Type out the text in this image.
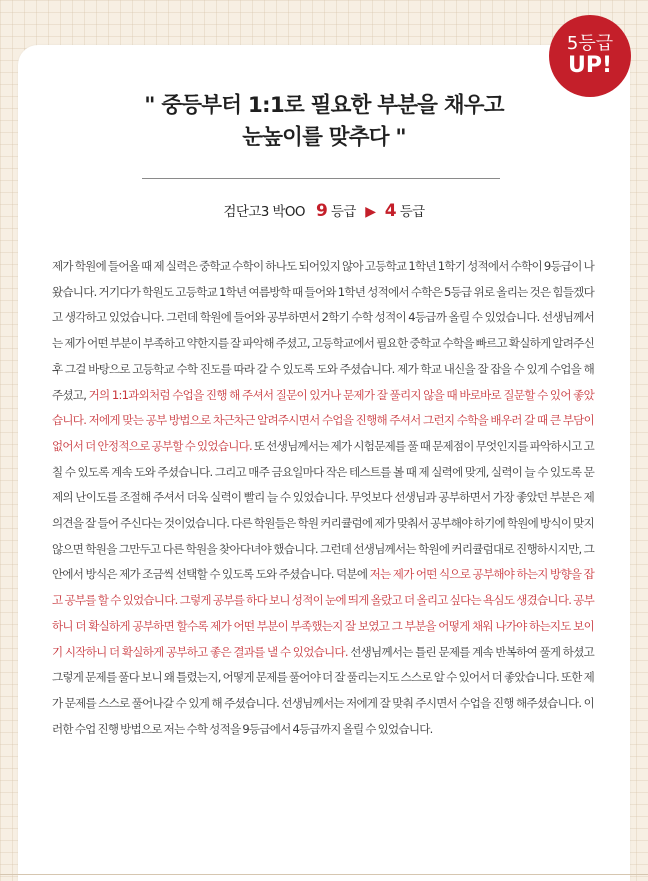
5등급
UP!
" 중등부터 1:1로 필요한 부분을 채우고
눈높이를 맞추다 "
검단고3 박OO 9 등급 ▶ 4 등급
제가 학원에 들어올 때 제 실력은 중학교 수학이 하나도 되어있지 않아 고등학교 1학년 1학기 성적에서 수학이 9등급이 나왔습니다. 거기다가 학원도 고등학교 1학년 여름방학 때 들어와 1학년 성적에서 수학은 5등급 위로 올리는 것은 힘들겠다고 생각하고 있었습니다. 그런데 학원에 들어와 공부하면서 2학기 수학 성적이 4등급까 올릴 수 있었습니다. 선생님께서는 제가 어떤 부분이 부족하고 약한지를 잘 파악해 주셨고, 고등학교에서 필요한 중학교 수학을 빠르고 확실하게 알려주신 후 그걸 바탕으로 고등학교 수학 진도를 따라 갈 수 있도록 도와 주셨습니다. 제가 학교 내신을 잘 잡을 수 있게 수업을 해 주셨고, 거의 1:1과외처럼 수업을 진행 해 주셔서 질문이 있거나 문제가 잘 풀리지 않을 때 바로바로 질문할 수 있어 좋았습니다. 저에게 맞는 공부 방법으로 차근차근 알려주시면서 수업을 진행해 주셔서 그런지 수학을 배우러 갈 때 큰 부담이 없어서 더 안정적으로 공부할 수 있었습니다. 또 선생님께서는 제가 시험문제를 풀 때 문제점이 무엇인지를 파악하시고 고칠 수 있도록 계속 도와 주셨습니다. 그리고 매주 금요일마다 작은 테스트를 볼 때 제 실력에 맞게, 실력이 늘 수 있도록 문제의 난이도를 조절해 주셔서 더욱 실력이 빨리 늘 수 있었습니다. 무엇보다 선생님과 공부하면서 가장 좋았던 부분은 제 의견을 잘 들어 주신다는 것이었습니다. 다른 학원들은 학원 커리큘럼에 제가 맞춰서 공부해야 하기에 학원에 방식이 맞지 않으면 학원을 그만두고 다른 학원을 찾아다녀야 했습니다. 그런데 선생님께서는 학원에 커리큘럼대로 진행하시지만, 그 안에서 방식은 제가 조금씩 선택할 수 있도록 도와 주셨습니다. 덕분에 저는 제가 어떤 식으로 공부해야 하는지 방향을 잡고 공부를 할 수 있었습니다. 그렇게 공부를 하다 보니 성적이 눈에 띄게 올랐고 더 올리고 싶다는 욕심도 생겼습니다. 공부하니 더 확실하게 공부하면 할수록 제가 어떤 부분이 부족했는지 잘 보였고 그 부분을 어떻게 채워 나가야 하는지도 보이기 시작하니 더 확실하게 공부하고 좋은 결과를 낼 수 있었습니다. 선생님께서는 틀린 문제를 계속 반복하여 풀게 하셨고 그렇게 문제를 풀다 보니 왜 틀렸는지, 어떻게 문제를 풀어야 더 잘 풀리는지도 스스로 알 수 있어서 더 좋았습니다. 또한 제가 문제를 스스로 풀어나갈 수 있게 해 주셨습니다. 선생님께서는 저에게 잘 맞춰 주시면서 수업을 진행 해주셨습니다. 이러한 수업 진행 방법으로 저는 수학 성적을 9등급에서 4등급까지 올릴 수 있었습니다.
